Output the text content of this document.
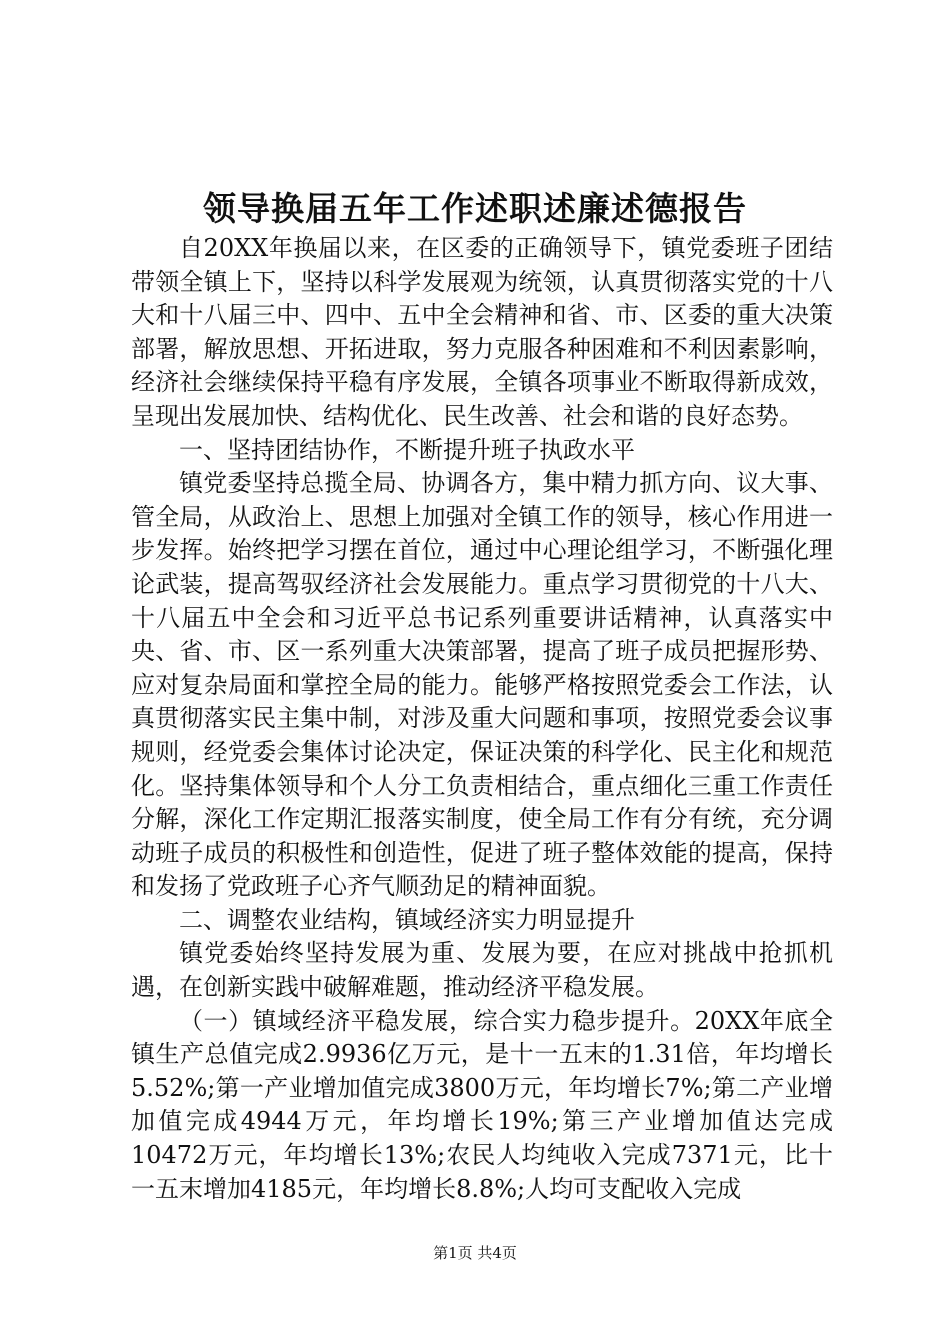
领导换届五年工作述职述廉述德报告

自20XX年换届以来，在区委的正确领导下，镇党委班子团结带领全镇上下，坚持以科学发展观为统领，认真贯彻落实党的十八大和十八届三中、四中、五中全会精神和省、市、区委的重大决策部署，解放思想、开拓进取，努力克服各种困难和不利因素影响，经济社会继续保持平稳有序发展，全镇各项事业不断取得新成效，呈现出发展加快、结构优化、民生改善、社会和谐的良好态势。

一、坚持团结协作，不断提升班子执政水平

镇党委坚持总揽全局、协调各方，集中精力抓方向、议大事、管全局，从政治上、思想上加强对全镇工作的领导，核心作用进一步发挥。始终把学习摆在首位，通过中心理论组学习，不断强化理论武装，提高驾驭经济社会发展能力。重点学习贯彻党的十八大、十八届五中全会和习近平总书记系列重要讲话精神，认真落实中央、省、市、区一系列重大决策部署，提高了班子成员把握形势、应对复杂局面和掌控全局的能力。能够严格按照党委会工作法，认真贯彻落实民主集中制，对涉及重大问题和事项，按照党委会议事规则，经党委会集体讨论决定，保证决策的科学化、民主化和规范化。坚持集体领导和个人分工负责相结合，重点细化三重工作责任分解，深化工作定期汇报落实制度，使全局工作有分有统，充分调动班子成员的积极性和创造性，促进了班子整体效能的提高，保持和发扬了党政班子心齐气顺劲足的精神面貌。

二、调整农业结构，镇域经济实力明显提升

镇党委始终坚持发展为重、发展为要，在应对挑战中抢抓机遇，在创新实践中破解难题，推动经济平稳发展。

（一）镇域经济平稳发展，综合实力稳步提升。20XX年底全镇生产总值完成2.9936亿万元，是十一五末的1.31倍，年均增长5.52%;第一产业增加值完成3800万元，年均增长7%;第二产业增加值完成4944万元，年均增长19%;第三产业增加值达完成10472万元，年均增长13%;农民人均纯收入完成7371元，比十一五末增加4185元，年均增长8.8%;人均可支配收入完成

第1页 共4页
